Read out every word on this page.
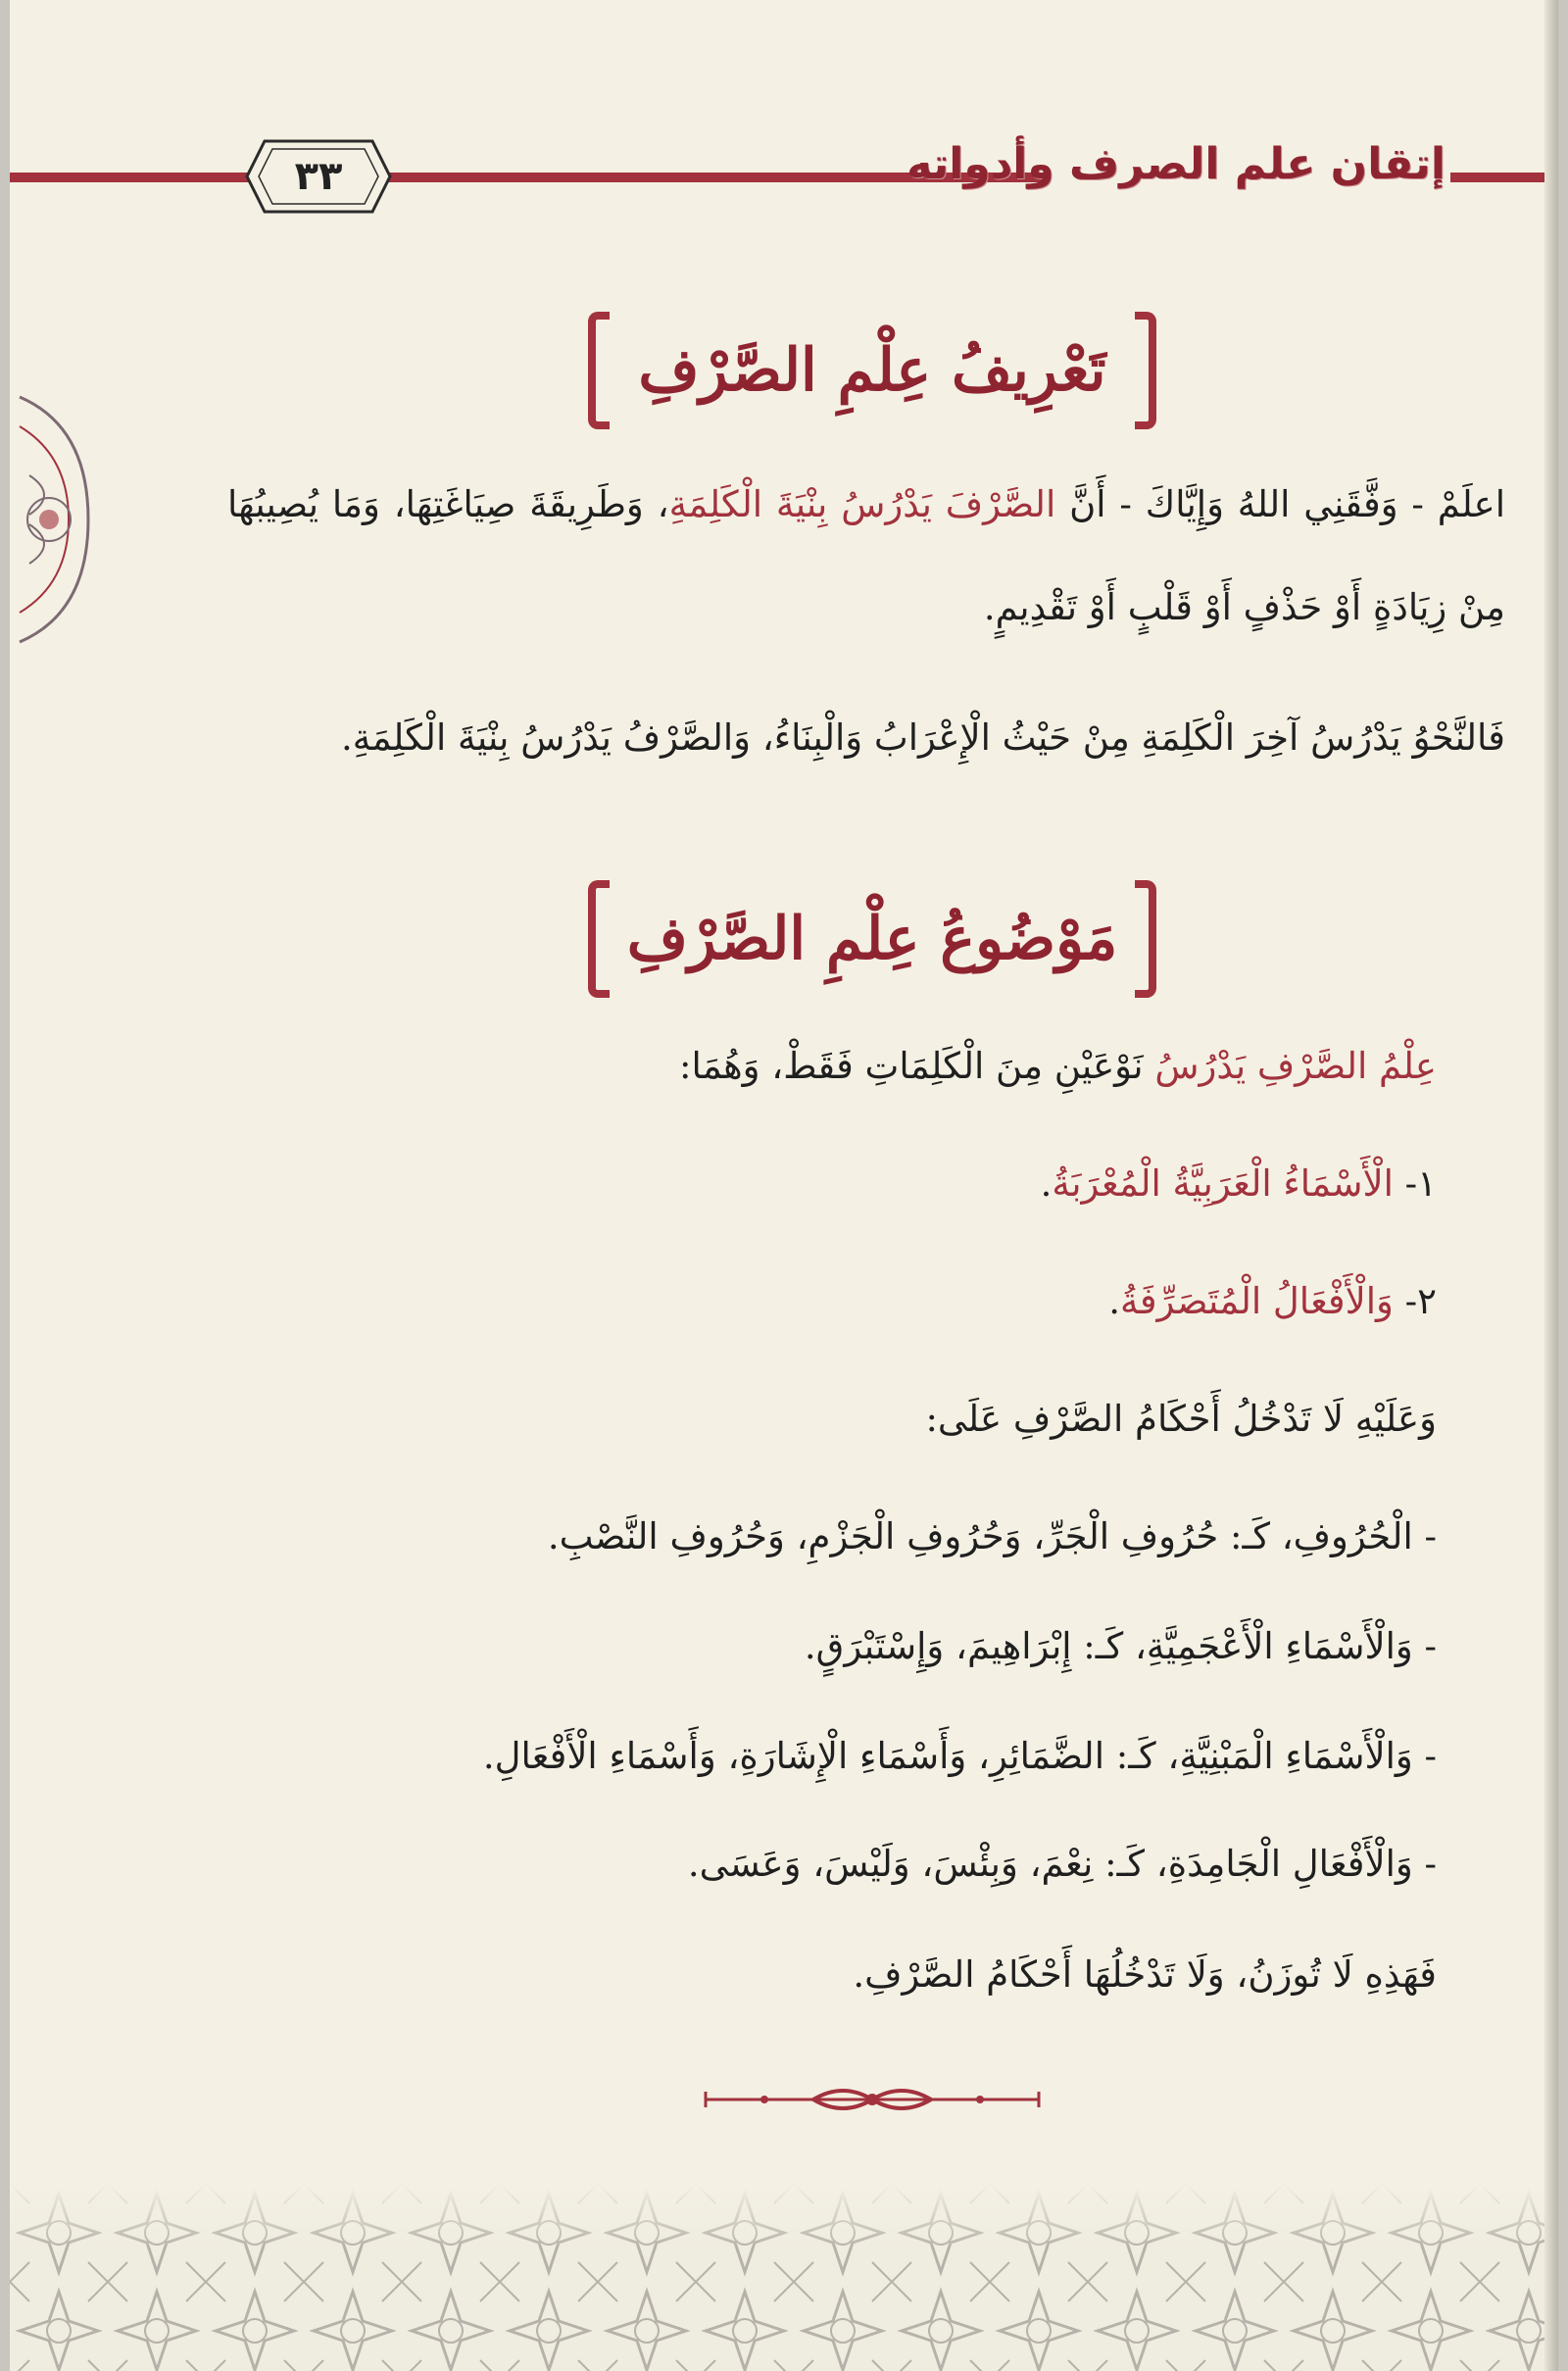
إتقان علم الصرف وأدواته
٣٣
تَعْرِيفُ عِلْمِ الصَّرْفِ

اعلَمْ - وَفَّقَنِي اللهُ وَإِيَّاكَ - أَنَّ الصَّرْفَ يَدْرُسُ بِنْيَةَ الْكَلِمَةِ، وَطَرِيقَةَ صِيَاغَتِهَا، وَمَا يُصِيبُهَا مِنْ زِيَادَةٍ أَوْ حَذْفٍ أَوْ قَلْبٍ أَوْ تَقْدِيمٍ.

فَالنَّحْوُ يَدْرُسُ آخِرَ الْكَلِمَةِ مِنْ حَيْثُ الْإِعْرَابُ وَالْبِنَاءُ، وَالصَّرْفُ يَدْرُسُ بِنْيَةَ الْكَلِمَةِ.

مَوْضُوعُ عِلْمِ الصَّرْفِ

عِلْمُ الصَّرْفِ يَدْرُسُ نَوْعَيْنِ مِنَ الْكَلِمَاتِ فَقَطْ، وَهُمَا:

١- الْأَسْمَاءُ الْعَرَبِيَّةُ الْمُعْرَبَةُ.

٢- وَالْأَفْعَالُ الْمُتَصَرِّفَةُ.

وَعَلَيْهِ لَا تَدْخُلُ أَحْكَامُ الصَّرْفِ عَلَى:

- الْحُرُوفِ، كَـ: حُرُوفِ الْجَرِّ، وَحُرُوفِ الْجَزْمِ، وَحُرُوفِ النَّصْبِ.

- وَالْأَسْمَاءِ الْأَعْجَمِيَّةِ، كَـ: إِبْرَاهِيمَ، وَإِسْتَبْرَقٍ.

- وَالْأَسْمَاءِ الْمَبْنِيَّةِ، كَـ: الضَّمَائِرِ، وَأَسْمَاءِ الْإِشَارَةِ، وَأَسْمَاءِ الْأَفْعَالِ.

- وَالْأَفْعَالِ الْجَامِدَةِ، كَـ: نِعْمَ، وَبِئْسَ، وَلَيْسَ، وَعَسَى.

فَهَذِهِ لَا تُوزَنُ، وَلَا تَدْخُلُهَا أَحْكَامُ الصَّرْفِ.
